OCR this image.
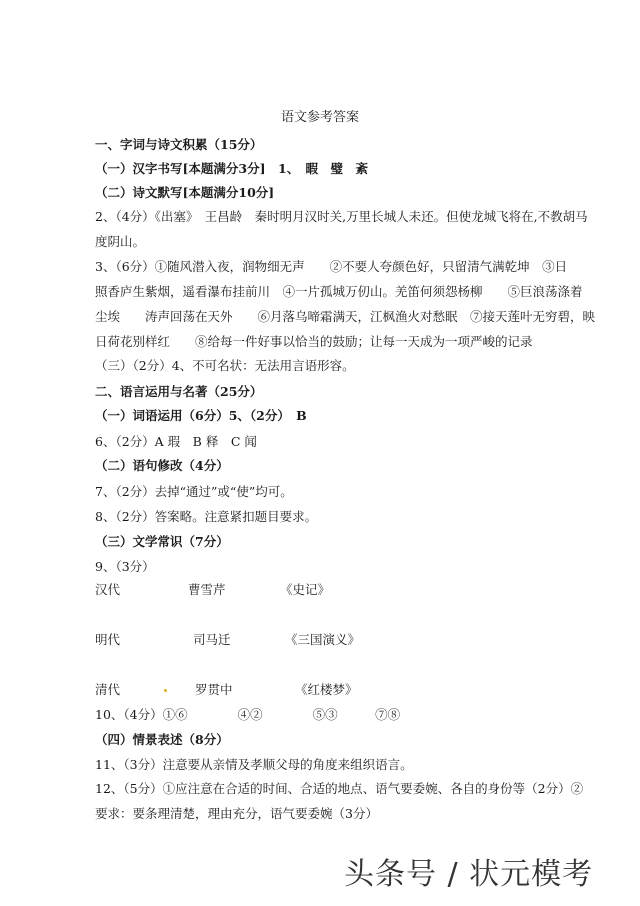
语文参考答案
一、字词与诗文积累（15分）
（一）汉字书写[本题满分3分]　1、　暇　璧　紊
（二）诗文默写[本题满分10分]
2、（4分）《出塞》　王昌龄　秦时明月汉时关,万里长城人未还。但使龙城飞将在,不教胡马
度阴山。
3、（6分）①随风潜入夜，润物细无声　　②不要人夸颜色好，只留清气满乾坤　③日
照香庐生紫烟，遥看瀑布挂前川　④一片孤城万仞山。羌笛何须怨杨柳　　⑤巨浪荡涤着
尘埃　　涛声回荡在天外　　⑥月落乌啼霜满天，江枫渔火对愁眠　⑦接天莲叶无穷碧，映
日荷花别样红　　⑧给每一件好事以恰当的鼓励；让每一天成为一项严峻的记录
（三）（2分）4、不可名状：无法用言语形容。
二、语言运用与名著（25分）
（一）词语运用（6分）5、（2分）　B
6、（2分）A 瑕　B 释　C 闻
（二）语句修改（4分）
7、（2分）去掉“通过”或“使”均可。
8、（2分）答案略。注意紧扣题目要求。
（三）文学常识（7分）
9、（3分）
汉代	曹雪芹	《史记》
明代	司马迁	《三国演义》
清代	罗贯中	《红楼梦》
10、（4分）①⑥　　　　④②　　　　⑤③　　　⑦⑧
（四）情景表述（8分）
11、（3分）注意要从亲情及孝顺父母的角度来组织语言。
12、（5分）①应注意在合适的时间、合适的地点、语气要委婉、各自的身份等（2分）②
要求：要条理清楚，理由充分，语气要委婉（3分）
头条号 / 状元模考
